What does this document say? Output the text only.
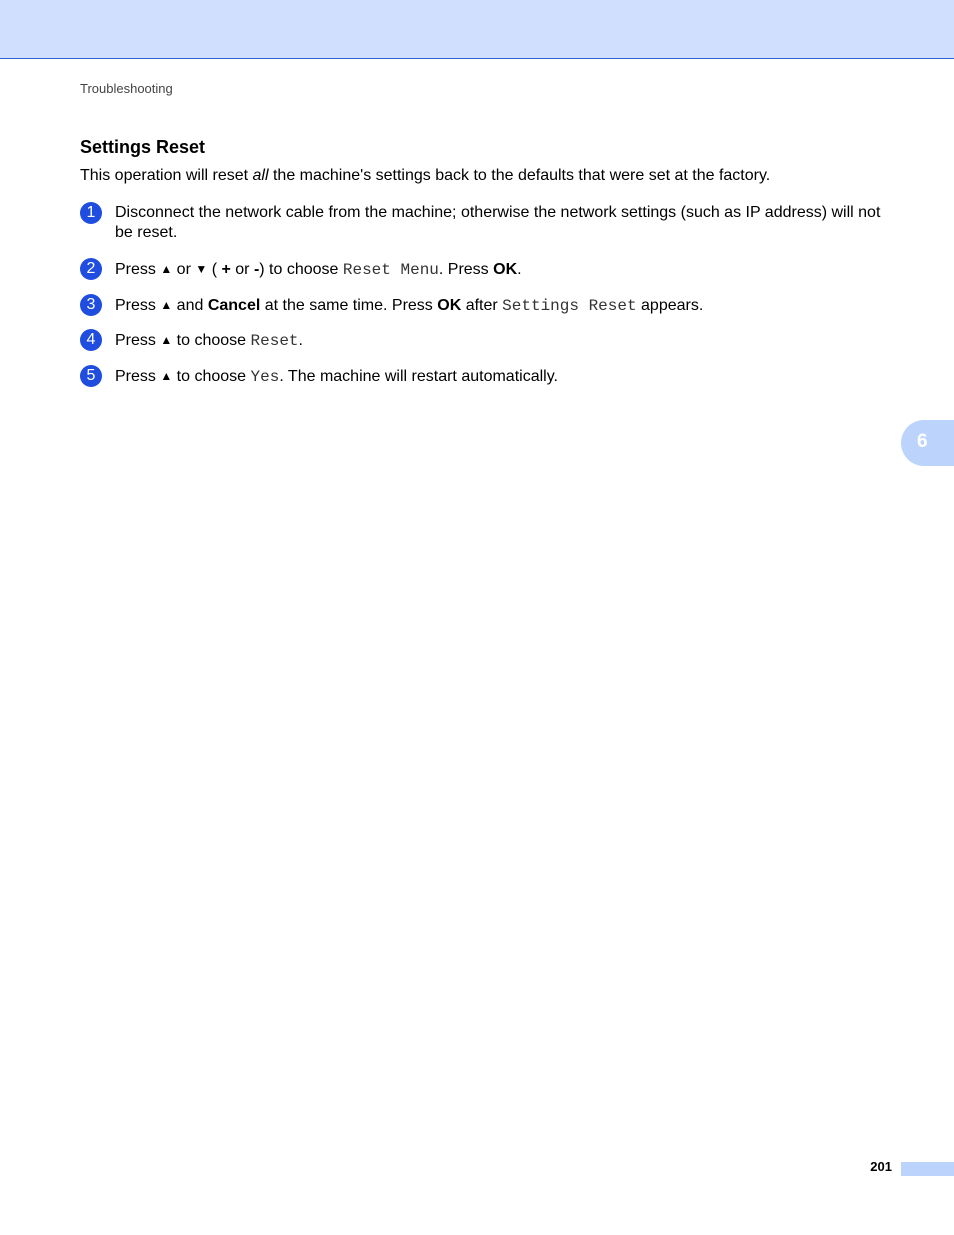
Troubleshooting
Settings Reset

This operation will reset all the machine's settings back to the defaults that were set at the factory.

1	Disconnect the network cable from the machine; otherwise the network settings (such as IP address) will not be reset.
2	Press ▲ or ▼ ( + or -) to choose Reset Menu. Press OK.
3	Press ▲ and Cancel at the same time. Press OK after Settings Reset appears.
4	Press ▲ to choose Reset.
5	Press ▲ to choose Yes. The machine will restart automatically.
6
201
